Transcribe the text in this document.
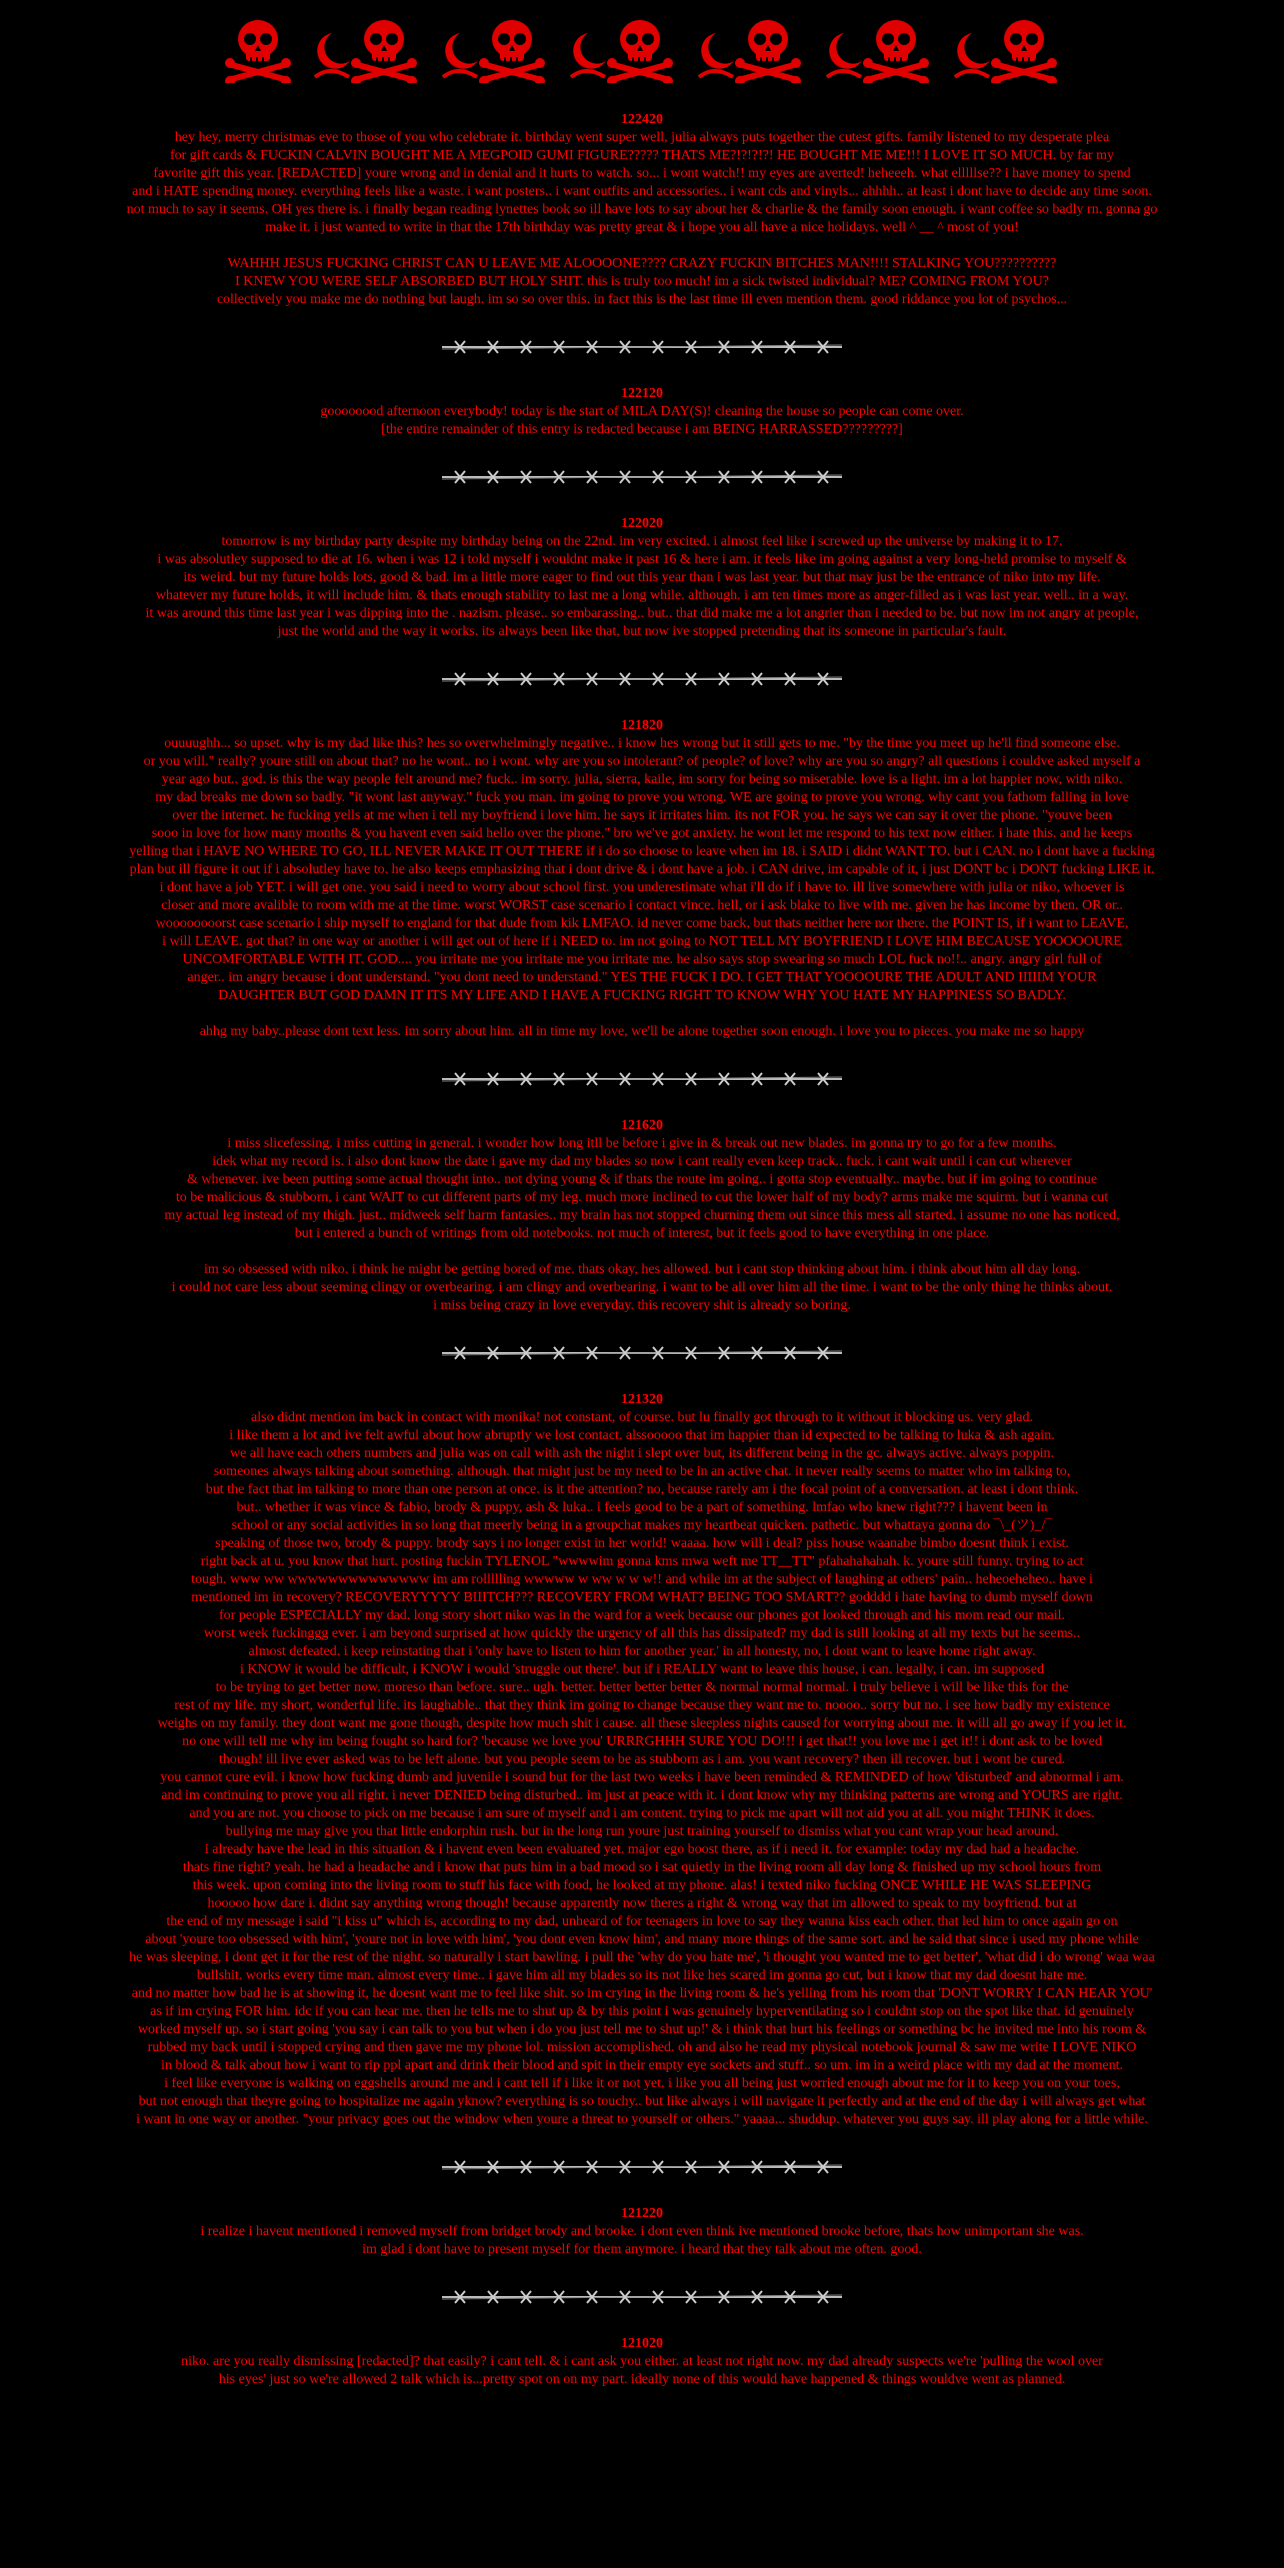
122420

hey hey, merry christmas eve to those of you who celebrate it. birthday went super well, julia always puts together the cutest gifts. family listened to my desperate plea

for gift cards & FUCKIN CALVIN BOUGHT ME A MEGPOID GUMI FIGURE????? THATS ME?!?!?!?! HE BOUGHT ME ME!!! I LOVE IT SO MUCH. by far my

favorite gift this year. [REDACTED] youre wrong and in denial and it hurts to watch. so... i wont watch!! my eyes are averted! heheeeh. what elllllse?? i have money to spend

and i HATE spending money. everything feels like a waste. i want posters.. i want outfits and accessories.. i want cds and vinyls... ahhhh.. at least i dont have to decide any time soon.

not much to say it seems. OH yes there is. i finally began reading lynettes book so ill have lots to say about her & charlie & the family soon enough. i want coffee so badly rn. gonna go

make it. i just wanted to write in that the 17th birthday was pretty great & i hope you all have a nice holidays. well ^ __ ^ most of you!

WAHHH JESUS FUCKING CHRIST CAN U LEAVE ME ALOOOONE???? CRAZY FUCKIN BITCHES MAN!!!! STALKING YOU??????????

I KNEW YOU WERE SELF ABSORBED BUT HOLY SHIT. this is truly too much! im a sick twisted individual? ME? COMING FROM YOU?

collectively you make me do nothing but laugh. im so so over this. in fact this is the last time ill even mention them. good riddance you lot of psychos...

122120

goooooood afternoon everybody! today is the start of MILA DAY(S)! cleaning the house so people can come over.

[the entire remainder of this entry is redacted because i am BEING HARRASSED?????????]

122020

tomorrow is my birthday party despite my birthday being on the 22nd. im very excited. i almost feel like i screwed up the universe by making it to 17.

i was absolutley supposed to die at 16. when i was 12 i told myself i wouldnt make it past 16 & here i am. it feels like im going against a very long-held promise to myself &

its weird. but my future holds lots, good & bad. im a little more eager to find out this year than i was last year. but that may just be the entrance of niko into my life.

whatever my future holds, it will include him. & thats enough stability to last me a long while. although. i am ten times more as anger-filled as i was last year. well.. in a way.

it was around this time last year i was dipping into the . nazism. please.. so embarassing.. but.. that did make me a lot angrier than i needed to be. but now im not angry at people,

just the world and the way it works. its always been like that, but now ive stopped pretending that its someone in particular's fault.

121820

ouuuughh... so upset. why is my dad like this? hes so overwhelmingly negative.. i know hes wrong but it still gets to me. "by the time you meet up he'll find someone else.

or you will." really? youre still on about that? no he wont.. no i wont. why are you so intolerant? of people? of love? why are you so angry? all questions i couldve asked myself a

year ago but.. god. is this the way people felt around me? fuck.. im sorry. julia, sierra, kaile, im sorry for being so miserable. love is a light. im a lot happier now, with niko.

my dad breaks me down so badly. "it wont last anyway." fuck you man. im going to prove you wrong. WE are going to prove you wrong. why cant you fathom falling in love

over the internet. he fucking yells at me when i tell my boyfriend i love him. he says it irritates him. its not FOR you. he says we can say it over the phone. "youve been

sooo in love for how many months & you havent even said hello over the phone." bro we've got anxiety. he wont let me respond to his text now either. i hate this. and he keeps

yelling that i HAVE NO WHERE TO GO, ILL NEVER MAKE IT OUT THERE if i do so choose to leave when im 18. i SAID i didnt WANT TO. but i CAN. no i dont have a fucking

plan but ill figure it out if i absolutley have to. he also keeps emphasizing that i dont drive & i dont have a job. i CAN drive, im capable of it, i just DONT bc i DONT fucking LIKE it.

i dont have a job YET. i will get one. you said i need to worry about school first. you underestimate what i'll do if i have to. ill live somewhere with julia or niko, whoever is

closer and more avalible to room with me at the time. worst WORST case scenario i contact vince. hell, or i ask blake to live with me. given he has income by then. OR or..

woooooooorst case scenario i ship myself to england for that dude from kik LMFAO. id never come back, but thats neither here nor there. the POINT IS, if i want to LEAVE,

i will LEAVE. got that? in one way or another i will get out of here if i NEED to. im not going to NOT TELL MY BOYFRIEND I LOVE HIM BECAUSE YOOOOOURE

UNCOMFORTABLE WITH IT. GOD.... you irritate me you irritate me you irritate me. he also says stop swearing so much LOL fuck no!!.. angry. angry girl full of

anger.. im angry because i dont understand. "you dont need to understand." YES THE FUCK I DO. I GET THAT YOOOOURE THE ADULT AND IIIIIM YOUR

DAUGHTER BUT GOD DAMN IT ITS MY LIFE AND I HAVE A FUCKING RIGHT TO KNOW WHY YOU HATE MY HAPPINESS SO BADLY.

ahhg my baby..please dont text less. im sorry about him. all in time my love, we'll be alone together soon enough. i love you to pieces. you make me so happy

121620

i miss slicefessing. i miss cutting in general. i wonder how long itll be before i give in & break out new blades. im gonna try to go for a few months.

idek what my record is. i also dont know the date i gave my dad my blades so now i cant really even keep track.. fuck. i cant wait until i can cut wherever

& whenever. ive been putting some actual thought into.. not dying young & if thats the route im going.. i gotta stop eventually.. maybe. but if im going to continue

to be malicious & stubborn, i cant WAIT to cut different parts of my leg. much more inclined to cut the lower half of my body? arms make me squirm. but i wanna cut

my actual leg instead of my thigh. just.. midweek self harm fantasies.. my brain has not stopped churning them out since this mess all started. i assume no one has noticed,

but i entered a bunch of writings from old notebooks. not much of interest, but it feels good to have everything in one place.

im so obsessed with niko. i think he might be getting bored of me. thats okay, hes allowed. but i cant stop thinking about him. i think about him all day long.

i could not care less about seeming clingy or overbearing. i am clingy and overbearing. i want to be all over him all the time. i want to be the only thing he thinks about.

i miss being crazy in love everyday. this recovery shit is already so boring.

121320

also didnt mention im back in contact with monika! not constant, of course. but lu finally got through to it without it blocking us. very glad.

i like them a lot and ive felt awful about how abruptly we lost contact. alssooooo that im happier than id expected to be talking to luka & ash again.

we all have each others numbers and julia was on call with ash the night i slept over but, its different being in the gc. always active. always poppin.

someones always talking about something. although. that might just be my need to be in an active chat. it never really seems to matter who im talking to,

but the fact that im talking to more than one person at once. is it the attention? no, because rarely am i the focal point of a conversation. at least i dont think.

but.. whether it was vince & fabio, brody & puppy, ash & luka.. i feels good to be a part of something. lmfao who knew right??? i havent been in

school or any social activities in so long that meerly being in a groupchat makes my heartbeat quicken. pathetic. but whattaya gonna do ¯\_(ツ)_/¯

speaking of those two, brody & puppy. brody says i no longer exist in her world! waaaa. how will i deal? piss house waanabe bimbo doesnt think i exist.

right back at u. you know that hurt. posting fuckin TYLENOL "wwwwim gonna kms mwa weft me TT__TT" pfahahahahah. k. youre still funny. trying to act

tough. www ww wwwwwwwwwwwwww im am rollllling wwwww w ww w w w!! and while im at the subject of laughing at others' pain.. heheoeheheo.. have i

mentioned im in recovery? RECOVERYYYYY BIIITCH??? RECOVERY FROM WHAT? BEING TOO SMART?? godddd i hate having to dumb myself down

for people ESPECIALLY my dad. long story short niko was in the ward for a week because our phones got looked through and his mom read our mail.

worst week fuckinggg ever. i am beyond surprised at how quickly the urgency of all this has dissipated? my dad is still looking at all my texts but he seems..

almost defeated. i keep reinstating that i 'only have to listen to him for another year.' in all honesty, no, i dont want to leave home right away.

i KNOW it would be difficult, i KNOW i would 'struggle out there'. but if i REALLY want to leave this house, i can. legally, i can. im supposed

to be trying to get better now. moreso than before. sure.. ugh. better. better better better & normal normal normal. i truly believe i will be like this for the

rest of my life. my short, wonderful life. its laughable.. that they think im going to change because they want me to. noooo.. sorry but no. i see how badly my existence

weighs on my family. they dont want me gone though, despite how much shit i cause. all these sleepless nights caused for worrying about me. it will all go away if you let it.

no one will tell me why im being fought so hard for? 'because we love you' URRRGHHH SURE YOU DO!!! i get that!! you love me i get it!! i dont ask to be loved

though! ill live ever asked was to be left alone. but you people seem to be as stubborn as i am. you want recovery? then ill recover. but i wont be cured.

you cannot cure evil. i know how fucking dumb and juvenile i sound but for the last two weeks i have been reminded & REMINDED of how 'disturbed' and abnormal i am.

and im continuing to prove you all right. i never DENIED being disturbed.. im just at peace with it. i dont know why my thinking patterns are wrong and YOURS are right.

and you are not. you choose to pick on me because i am sure of myself and i am content. trying to pick me apart will not aid you at all. you might THINK it does.

bullying me may give you that little endorphin rush. but in the long run youre just training yourself to dismiss what you cant wrap your head around.

i already have the lead in this situation & i havent even been evaluated yet. major ego boost there, as if i need it. for example: today my dad had a headache.

thats fine right? yeah. he had a headache and i know that puts him in a bad mood so i sat quietly in the living room all day long & finished up my school hours from

this week. upon coming into the living room to stuff his face with food, he looked at my phone. alas! i texted niko fucking ONCE WHILE HE WAS SLEEPING

hooooo how dare i. didnt say anything wrong though! because apparently now theres a right & wrong way that im allowed to speak to my boyfriend. but at

the end of my message i said "i kiss u" which is, according to my dad, unheard of for teenagers in love to say they wanna kiss each other. that led him to once again go on

about 'youre too obsessed with him', 'youre not in love with him', 'you dont even know him', and many more things of the same sort. and he said that since i used my phone while

he was sleeping, i dont get it for the rest of the night. so naturally i start bawling. i pull the 'why do you hate me', 'i thought you wanted me to get better', 'what did i do wrong' waa waa

bullshit. works every time man. almost every time.. i gave him all my blades so its not like hes scared im gonna go cut, but i know that my dad doesnt hate me.

and no matter how bad he is at showing it, he doesnt want me to feel like shit. so im crying in the living room & he's yelling from his room that 'DONT WORRY I CAN HEAR YOU'

as if im crying FOR him. idc if you can hear me. then he tells me to shut up & by this point i was genuinely hyperventilating so i couldnt stop on the spot like that. id genuinely

worked myself up. so i start going 'you say i can talk to you but when i do you just tell me to shut up!' & i think that hurt his feelings or something bc he invited me into his room &

rubbed my back until i stopped crying and then gave me my phone lol. mission accomplished. oh and also he read my physical notebook journal & saw me write I LOVE NIKO

in blood & talk about how i want to rip ppl apart and drink their blood and spit in their empty eye sockets and stuff.. so um. im in a weird place with my dad at the moment.

i feel like everyone is walking on eggshells around me and i cant tell if i like it or not yet. i like you all being just worried enough about me for it to keep you on your toes,

but not enough that theyre going to hospitalize me again yknow? everything is so touchy.. but like always i will navigate it perfectly and at the end of the day i will always get what

i want in one way or another. "your privacy goes out the window when youre a threat to yourself or others." yaaaa... shuddup. whatever you guys say. ill play along for a little while.

121220

i realize i havent mentioned i removed myself from bridget brody and brooke. i dont even think ive mentioned brooke before, thats how unimportant she was.

im glad i dont have to present myself for them anymore. i heard that they talk about me often. good.

121020

niko. are you really dismissing [redacted]? that easily? i cant tell. & i cant ask you either. at least not right now. my dad already suspects we're 'pulling the wool over

his eyes' just so we're allowed 2 talk which is...pretty spot on on my part. ideally none of this would have happened & things wouldve went as planned.
